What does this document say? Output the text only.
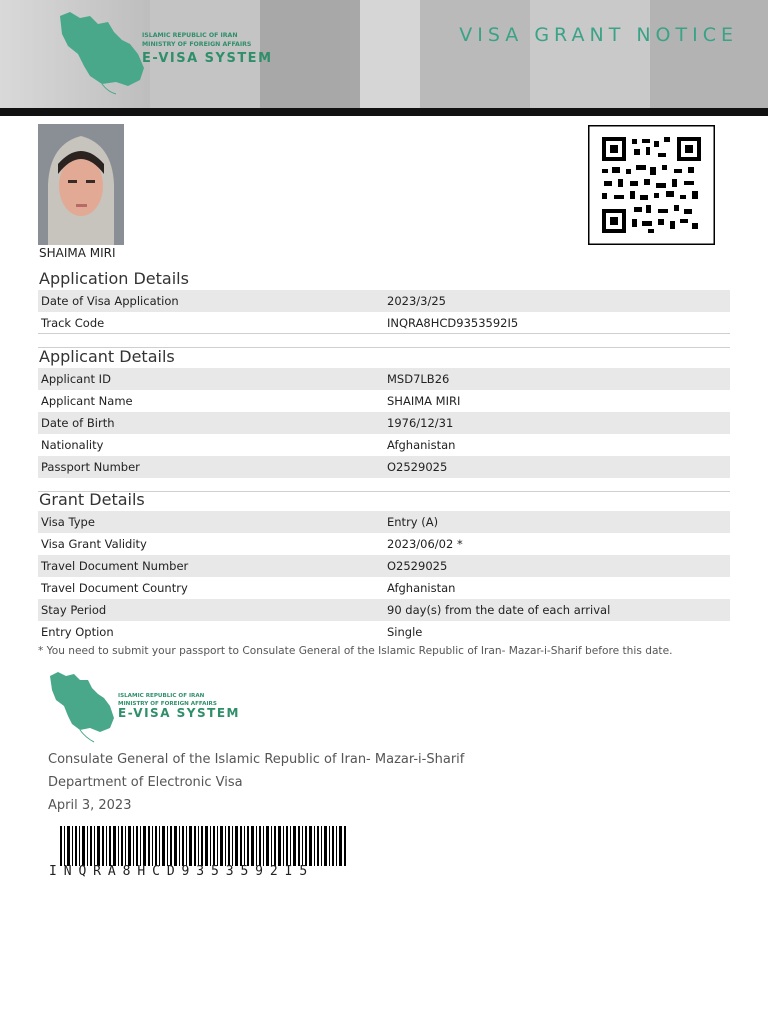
ISLAMIC REPUBLIC OF IRAN
MINISTRY OF FOREIGN AFFAIRS
E-VISA SYSTEM
VISA GRANT NOTICE
SHAIMA MIRI
Application Details
Date of Visa Application	2023/3/25
Track Code	INQRA8HCD9353592I5
Applicant Details
Applicant ID	MSD7LB26
Applicant Name	SHAIMA MIRI
Date of Birth	1976/12/31
Nationality	Afghanistan
Passport Number	O2529025
Grant Details
Visa Type	Entry (A)
Visa Grant Validity	2023/06/02 *
Travel Document Number	O2529025
Travel Document Country	Afghanistan
Stay Period	90 day(s) from the date of each arrival
Entry Option	Single
* You need to submit your passport to Consulate General of the Islamic Republic of Iran- Mazar-i-Sharif before this date.
ISLAMIC REPUBLIC OF IRAN
MINISTRY OF FOREIGN AFFAIRS
E-VISA SYSTEM
Consulate General of the Islamic Republic of Iran- Mazar-i-Sharif
Department of Electronic Visa
April 3, 2023
INQRA8HCD9353592I5
